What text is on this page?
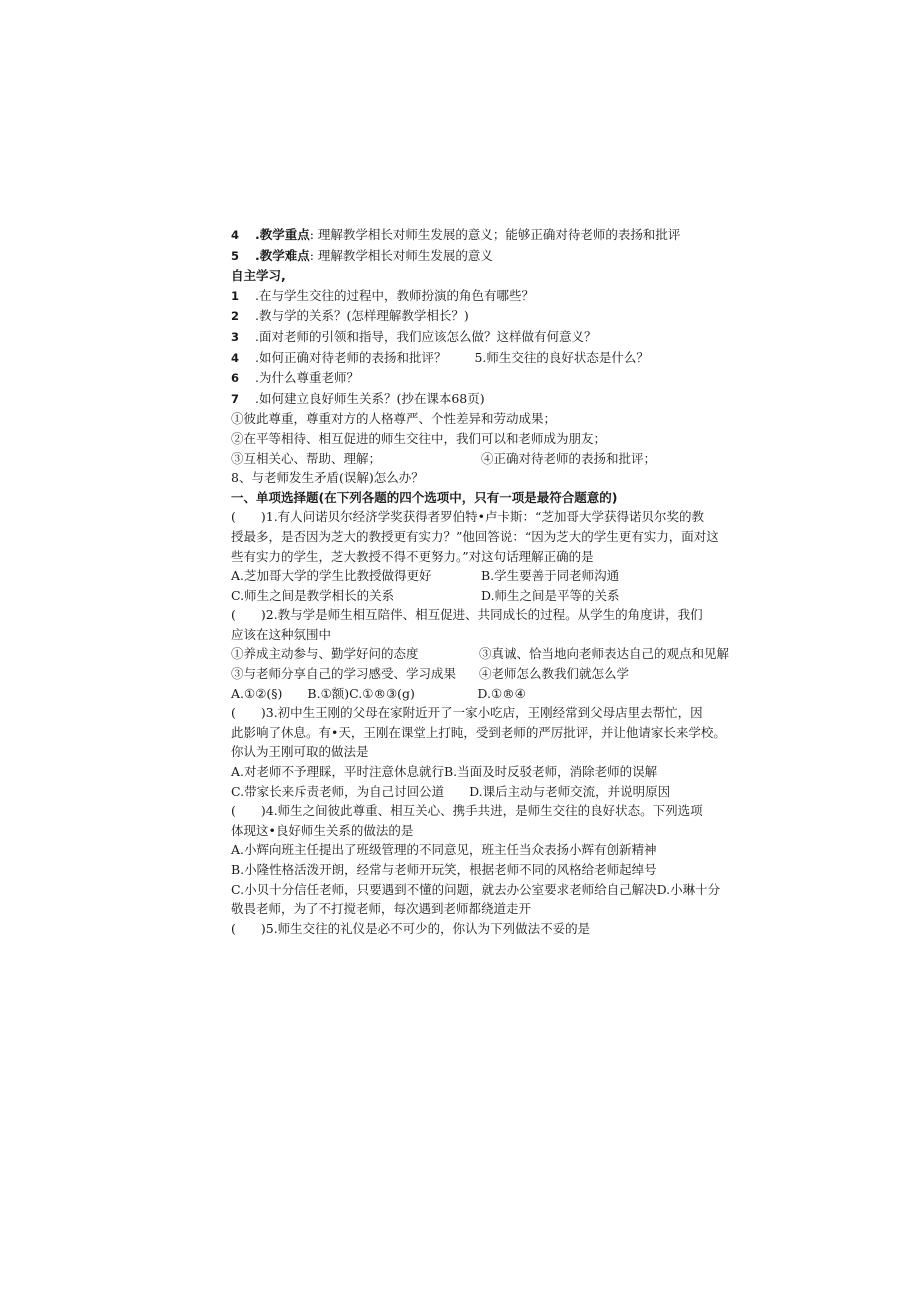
4 .教学重点: 理解教学相长对师生发展的意义；能够正确对待老师的表扬和批评
5 .教学难点: 理解教学相长对师生发展的意义
自主学习,
1 .在与学生交往的过程中，教师扮演的角色有哪些？
2 .教与学的关系？(怎样理解教学相长？)
3 .面对老师的引领和指导，我们应该怎么做？这样做有何意义？
4 .如何正确对待老师的表扬和批评？ 5.师生交往的良好状态是什么？
6 .为什么尊重老师？
7 .如何建立良好师生关系？(抄在课本68页)
①彼此尊重，尊重对方的人格尊严、个性差异和劳动成果；
②在平等相待、相互促进的师生交往中，我们可以和老师成为朋友；
③互相关心、帮助、理解；	④正确对待老师的表扬和批评；
8、与老师发生矛盾(误解)怎么办？
一、单项选择题(在下列各题的四个选项中，只有一项是最符合题意的)
(　　)1.有人问诺贝尔经济学奖获得者罗伯特•卢卡斯：“芝加哥大学获得诺贝尔奖的教
授最多，是否因为芝大的教授更有实力？”他回答说：“因为芝大的学生更有实力，面对这
些有实力的学生，芝大教授不得不更努力。”对这句话理解正确的是
A.芝加哥大学的学生比教授做得更好	B.学生要善于同老师沟通
C.师生之间是教学相长的关系	D.师生之间是平等的关系
(　　)2.教与学是师生相互陪伴、相互促进、共同成长的过程。从学生的角度讲，我们
应该在这种氛围中
①养成主动参与、勤学好问的态度	③真诚、恰当地向老师表达自己的观点和见解
③与老师分享自己的学习感受、学习成果	④老师怎么教我们就怎么学
A.①②(§)　　B.①额)C.①®③(g)　　　　　D.①®④
(　　)3.初中生王刚的父母在家附近开了一家小吃店，王刚经常到父母店里去帮忙，因
此影响了休息。有•天，王刚在课堂上打盹，受到老师的严厉批评，并让他请家长来学校。
你认为王刚可取的做法是
A.对老师不予理睬，平时注意休息就行B.当面及时反驳老师，消除老师的误解
C.带家长来斥责老师，为自己讨回公道　　D.课后主动与老师交流，并说明原因
(　　)4.师生之间彼此尊重、相互关心、携手共进，是师生交往的良好状态。下列选项
体现这•良好师生关系的做法的是
A.小辉向班主任提出了班级管理的不同意见，班主任当众表扬小辉有创新精神
B.小隆性格活泼开朗，经常与老师开玩笑，根据老师不同的风格给老师起绰号
C.小贝十分信任老师，只要遇到不懂的问题，就去办公室要求老师给自己解决D.小琳十分
敬畏老师，为了不打搅老师，每次遇到老师都绕道走开
(　　)5.师生交往的礼仪是必不可少的，你认为下列做法不妥的是
